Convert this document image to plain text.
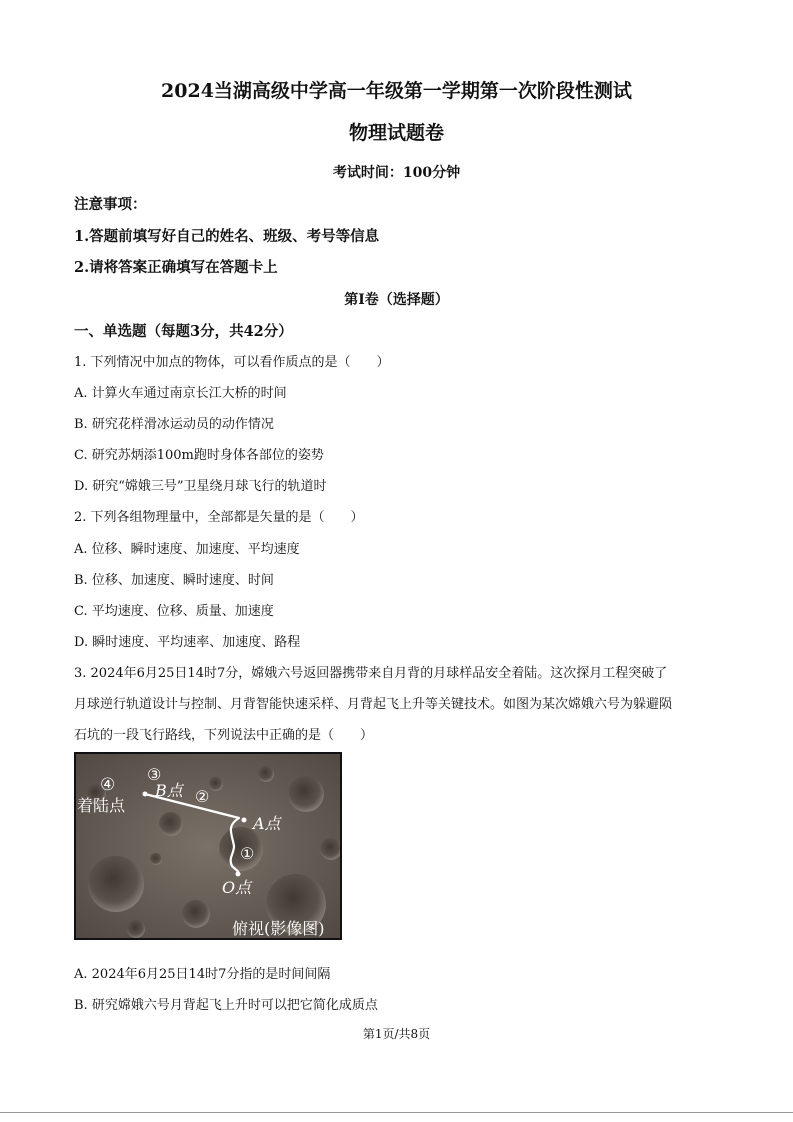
2024当湖高级中学高一年级第一学期第一次阶段性测试
物理试题卷
考试时间：100分钟
注意事项：
1.答题前填写好自己的姓名、班级、考号等信息
2.请将答案正确填写在答题卡上
第Ⅰ卷（选择题）
一、单选题（每题3分，共42分）
1. 下列情况中加点的物体，可以看作质点的是（　　）
A. 计算火车通过南京长江大桥的时间
B. 研究花样滑冰运动员的动作情况
C. 研究苏炳添100m跑时身体各部位的姿势
D. 研究“嫦娥三号”卫星绕月球飞行的轨道时
2. 下列各组物理量中，全部都是矢量的是（　　）
A. 位移、瞬时速度、加速度、平均速度
B. 位移、加速度、瞬时速度、时间
C. 平均速度、位移、质量、加速度
D. 瞬时速度、平均速率、加速度、路程
3. 2024年6月25日14时7分，嫦娥六号返回器携带来自月背的月球样品安全着陆。这次探月工程突破了
月球逆行轨道设计与控制、月背智能快速采样、月背起飞上升等关键技术。如图为某次嫦娥六号为躲避陨
石坑的一段飞行路线，下列说法中正确的是（　　）
④
③
B点 ②
着陆点
A点
①
O点
俯视(影像图)
A. 2024年6月25日14时7分指的是时间间隔
B. 研究嫦娥六号月背起飞上升时可以把它简化成质点
第1页/共8页
